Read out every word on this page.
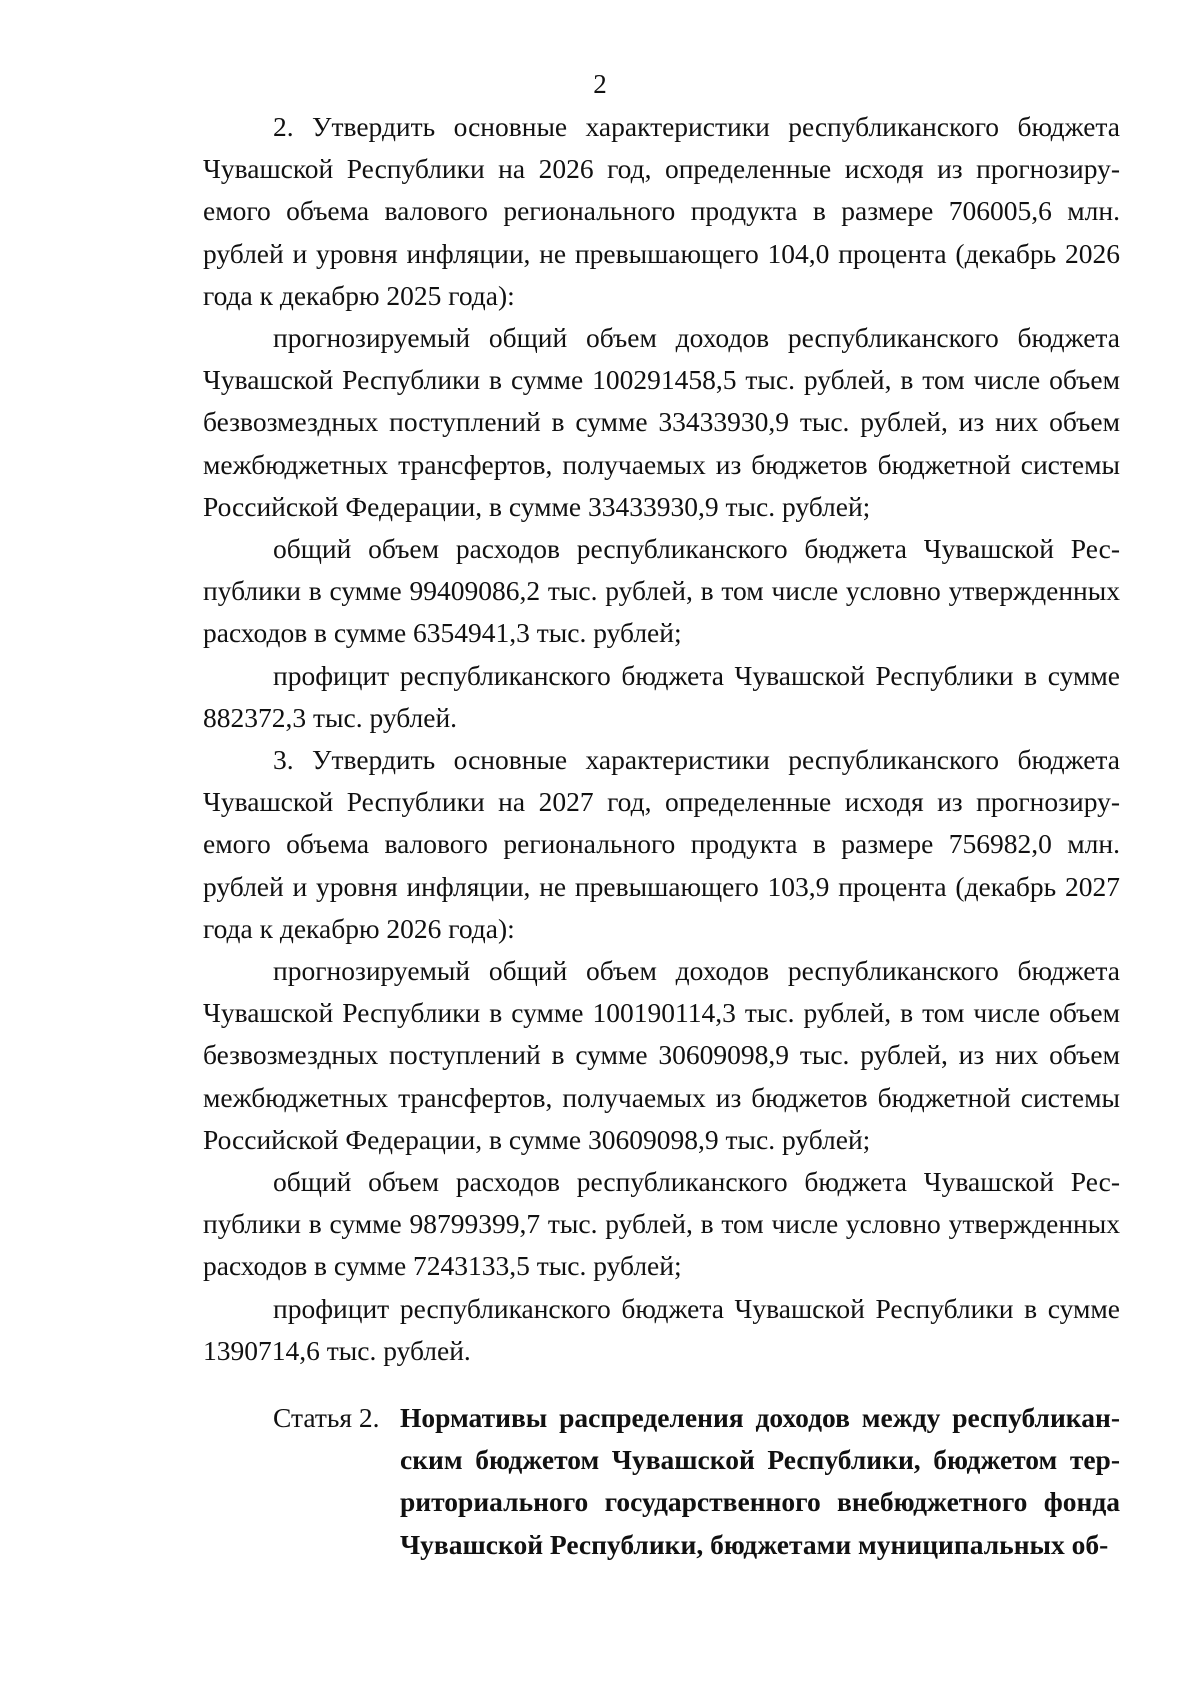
2

2. Утвердить основные характеристики республиканского бюджета Чувашской Республики на 2026 год, определенные исходя из прогнозируемого объема валового регионального продукта в размере 706005,6 млн. рублей и уровня инфляции, не превышающего 104,0 процента (декабрь 2026 года к декабрю 2025 года):

прогнозируемый общий объем доходов республиканского бюджета Чувашской Республики в сумме 100291458,5 тыс. рублей, в том числе объем безвозмездных поступлений в сумме 33433930,9 тыс. рублей, из них объем межбюджетных трансфертов, получаемых из бюджетов бюджетной системы Российской Федерации, в сумме 33433930,9 тыс. рублей;

общий объем расходов республиканского бюджета Чувашской Республики в сумме 99409086,2 тыс. рублей, в том числе условно утвержденных расходов в сумме 6354941,3 тыс. рублей;

профицит республиканского бюджета Чувашской Республики в сумме 882372,3 тыс. рублей.

3. Утвердить основные характеристики республиканского бюджета Чувашской Республики на 2027 год, определенные исходя из прогнозируемого объема валового регионального продукта в размере 756982,0 млн. рублей и уровня инфляции, не превышающего 103,9 процента (декабрь 2027 года к декабрю 2026 года):

прогнозируемый общий объем доходов республиканского бюджета Чувашской Республики в сумме 100190114,3 тыс. рублей, в том числе объем безвозмездных поступлений в сумме 30609098,9 тыс. рублей, из них объем межбюджетных трансфертов, получаемых из бюджетов бюджетной системы Российской Федерации, в сумме 30609098,9 тыс. рублей;

общий объем расходов республиканского бюджета Чувашской Республики в сумме 98799399,7 тыс. рублей, в том числе условно утвержденных расходов в сумме 7243133,5 тыс. рублей;

профицит республиканского бюджета Чувашской Республики в сумме 1390714,6 тыс. рублей.

Статья 2. Нормативы распределения доходов между республиканским бюджетом Чувашской Республики, бюджетом территориального государственного внебюджетного фонда Чувашской Республики, бюджетами муниципальных об-
